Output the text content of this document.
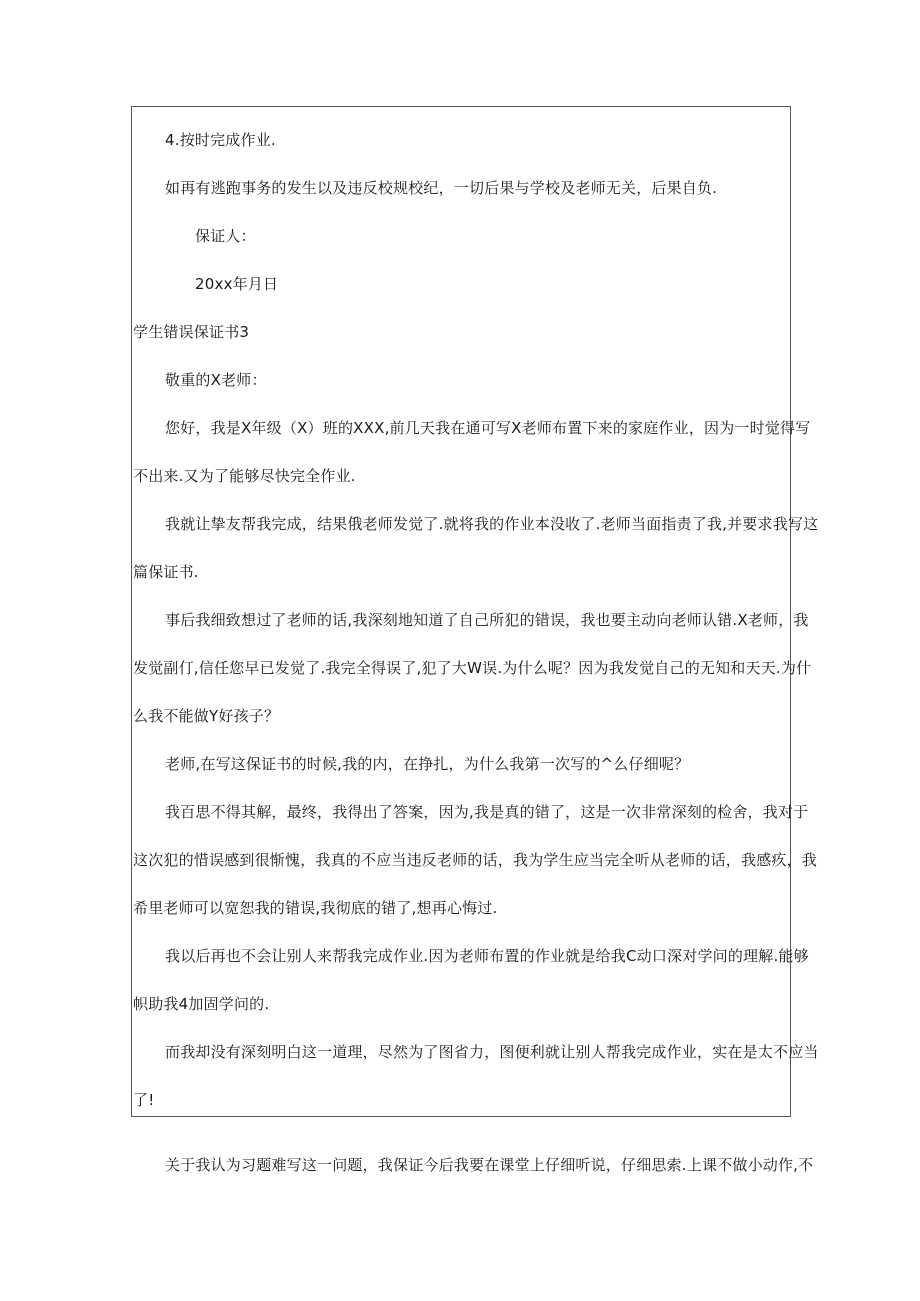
4.按时完成作业.
如再有逃跑事务的发生以及违反校规校纪，一切后果与学校及老师无关，后果自负.
保证人：
20xx年月日
学生错误保证书3
敬重的X老师：
您好，我是X年级（X）班的XXX,前几天我在通可写X老师布置下来的家庭作业，因为一时觉得写
不出来.又为了能够尽快完全作业.
我就让挚友帮我完成，结果俄老师发觉了.就将我的作业本没收了.老师当面指责了我,并要求我写这
篇保证书.
事后我细致想过了老师的话,我深刻地知道了自己所犯的错误，我也要主动向老师认错.X老师，我
发觉副仃,信任您早已发觉了.我完全得误了,犯了大W误.为什么呢？因为我发觉自己的无知和天天.为什
么我不能做Y好孩子？
老师,在写这保证书的时候,我的内，在挣扎，为什么我第一次写的^么仔细呢？
我百思不得其解，最终，我得出了答案，因为,我是真的错了，这是一次非常深刻的检舍，我对于
这次犯的惜误感到很惭愧，我真的不应当违反老师的话，我为学生应当完全听从老师的话，我感疚，我
希里老师可以宽恕我的错误,我彻底的错了,想再心悔过.
我以后再也不会让别人来帮我完成作业.因为老师布置的作业就是给我C动口深对学问的理解.能够
帜助我4加固学问的.
而我却没有深刻明白这一道理，尽然为了图省力，图便利就让别人帮我完成作业，实在是太不应当
了!
关于我认为习题难写这一问题，我保证今后我要在课堂上仔细听说，仔细思索.上课不做小动作,不
